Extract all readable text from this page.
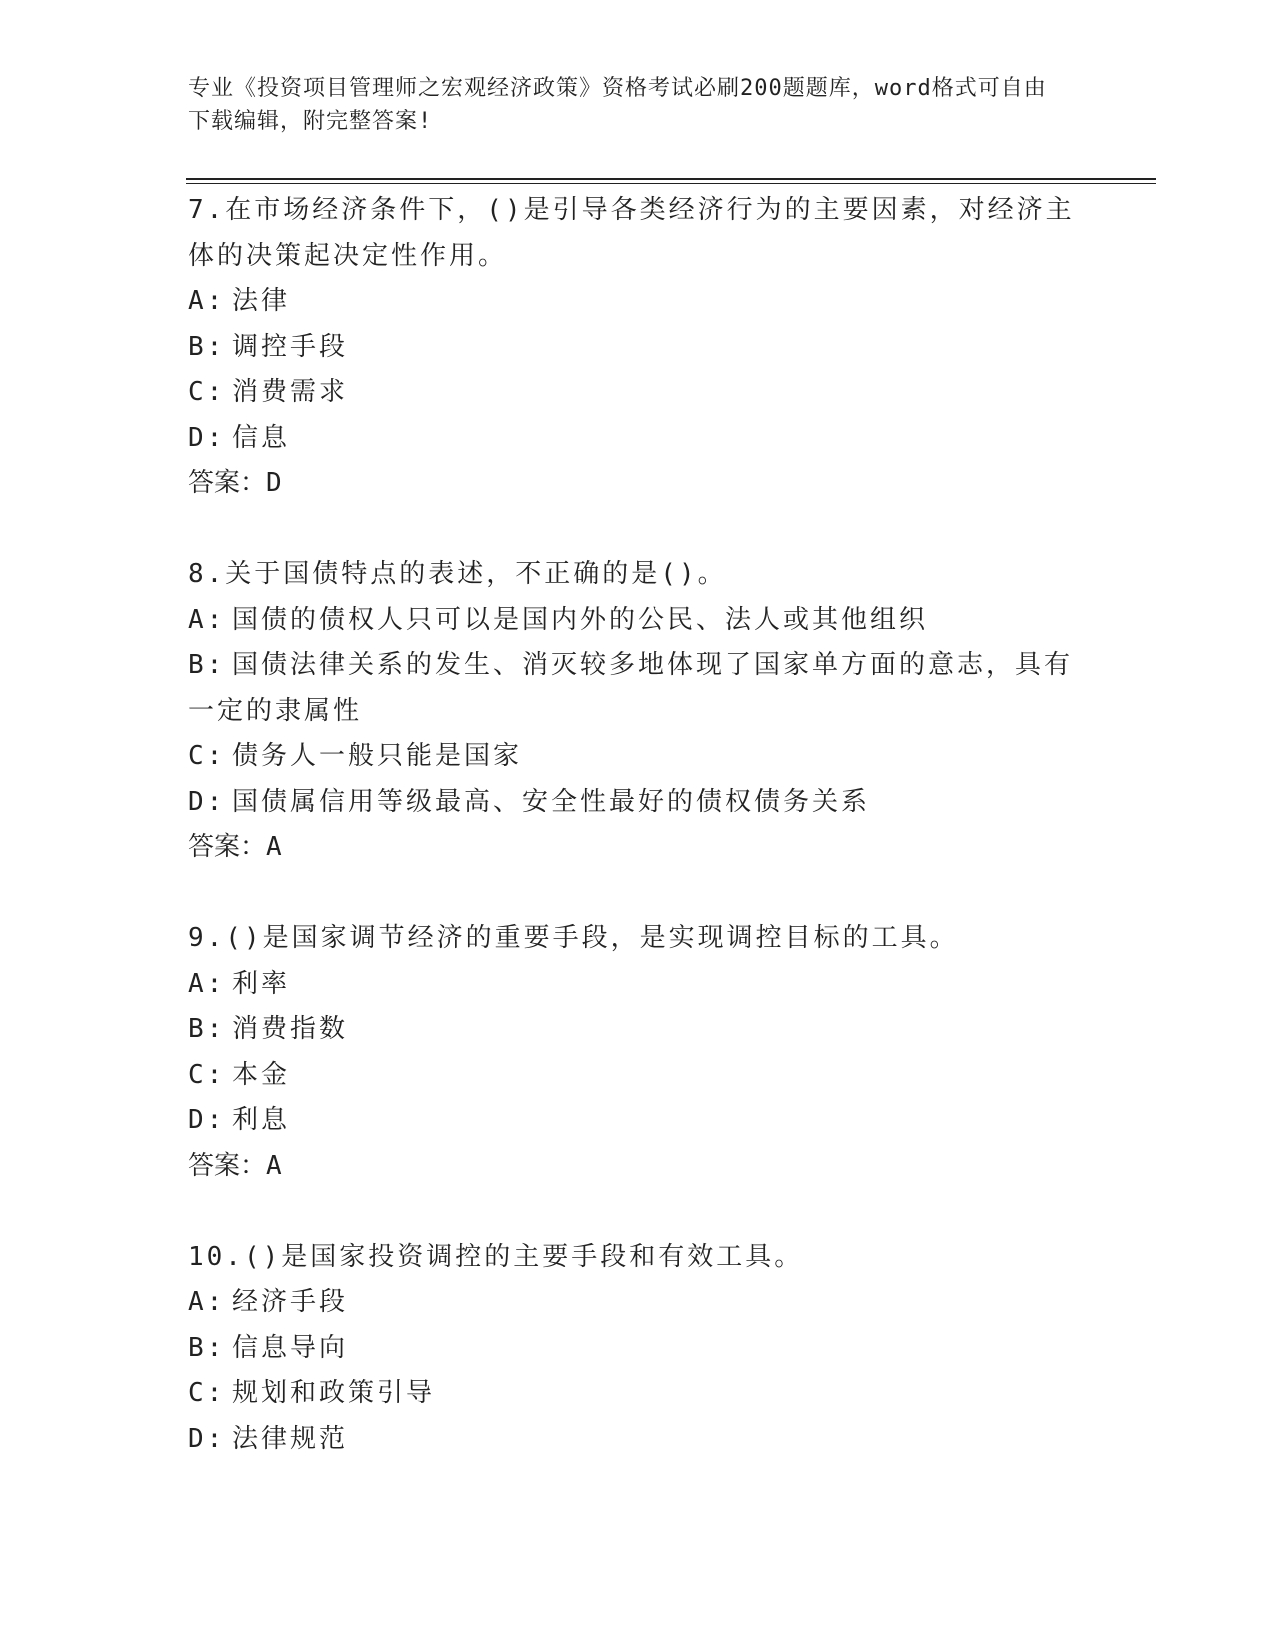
专业《投资项目管理师之宏观经济政策》资格考试必刷200题题库，word格式可自由下载编辑，附完整答案!
7.在市场经济条件下，()是引导各类经济行为的主要因素，对经济主体的决策起决定性作用。
A: 法律
B: 调控手段
C: 消费需求
D: 信息
答案：D
8.关于国债特点的表述，不正确的是()。
A: 国债的债权人只可以是国内外的公民、法人或其他组织
B: 国债法律关系的发生、消灭较多地体现了国家单方面的意志，具有一定的隶属性
C: 债务人一般只能是国家
D: 国债属信用等级最高、安全性最好的债权债务关系
答案：A
9.()是国家调节经济的重要手段，是实现调控目标的工具。
A: 利率
B: 消费指数
C: 本金
D: 利息
答案：A
10.()是国家投资调控的主要手段和有效工具。
A: 经济手段
B: 信息导向
C: 规划和政策引导
D: 法律规范
